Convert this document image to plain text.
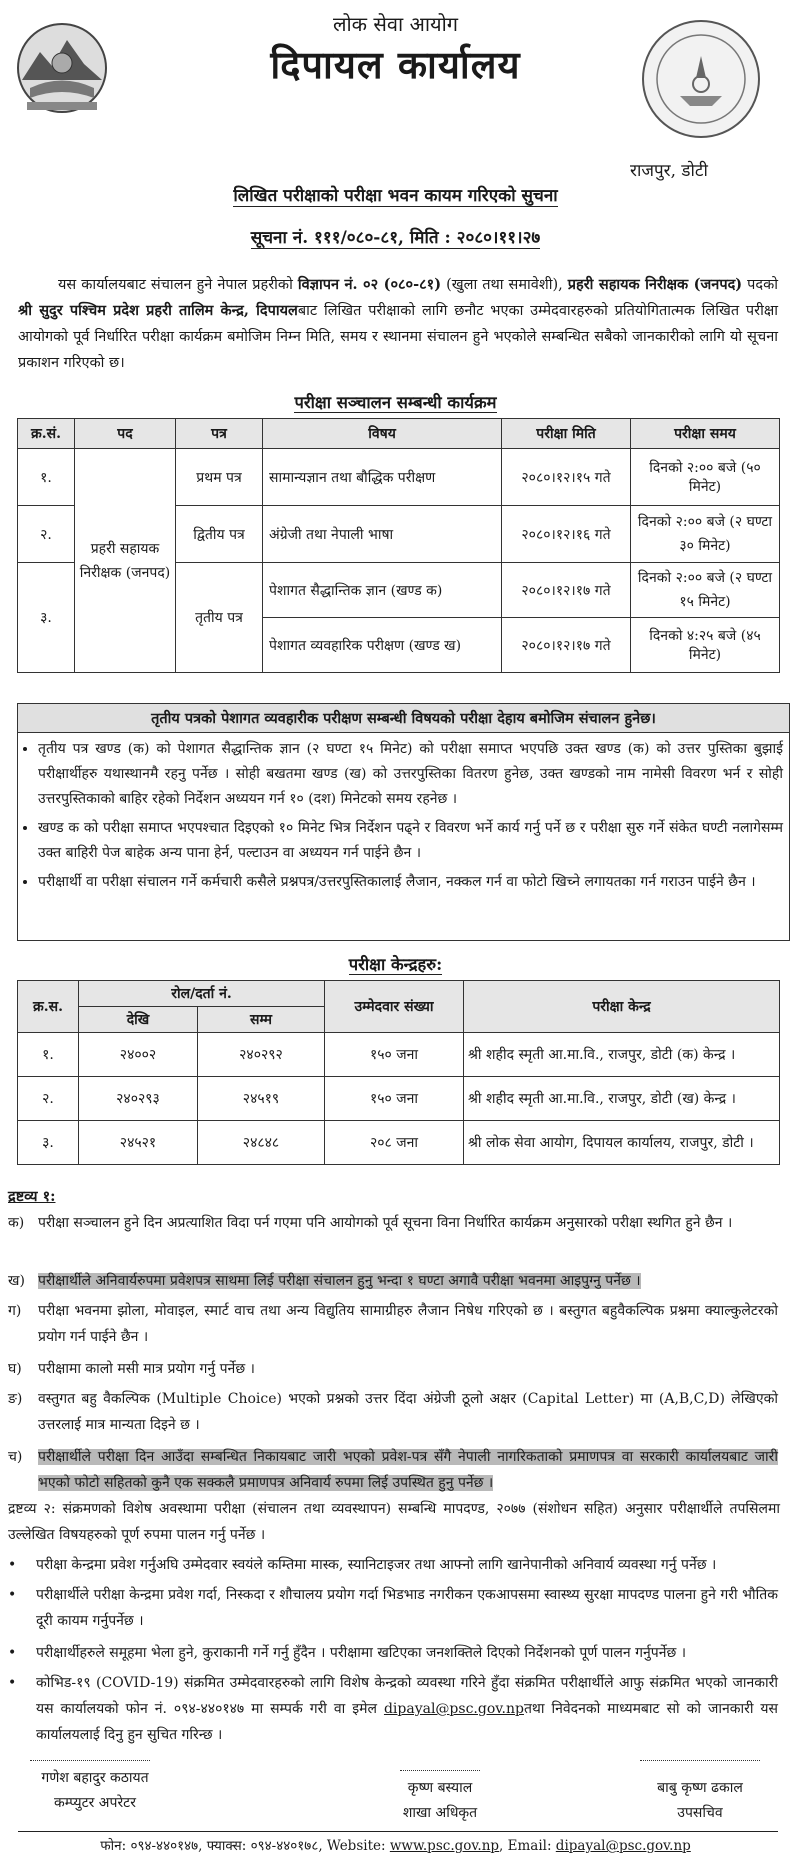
लोक सेवा आयोग
दिपायल कार्यालय
राजपुर, डोटी
लिखित परीक्षाको परीक्षा भवन कायम गरिएको सुचना
सूचना नं. १११/०८०-८१, मिति : २०८०।११।२७
यस कार्यालयबाट संचालन हुने नेपाल प्रहरीको विज्ञापन नं. ०२ (०८०-८१) (खुला तथा समावेशी), प्रहरी सहायक निरीक्षक (जनपद) पदको श्री सुदुर पश्चिम प्रदेश प्रहरी तालिम केन्द्र, दिपायलबाट लिखित परीक्षाको लागि छनौट भएका उम्मेदवारहरुको प्रतियोगितात्मक लिखित परीक्षा आयोगको पूर्व निर्धारित परीक्षा कार्यक्रम बमोजिम निम्न मिति, समय र स्थानमा संचालन हुने भएकोले सम्बन्धित सबैको जानकारीको लागि यो सूचना प्रकाशन गरिएको छ।
परीक्षा सञ्चालन सम्बन्धी कार्यक्रम
क्र.सं.	पद	पत्र	विषय	परीक्षा मिति	परीक्षा समय
१.	प्रहरी सहायक निरीक्षक (जनपद)	प्रथम पत्र	सामान्यज्ञान तथा बौद्धिक परीक्षण	२०८०।१२।१५ गते	दिनको २:०० बजे (५० मिनेट)
२.		द्वितीय पत्र	अंग्रेजी तथा नेपाली भाषा	२०८०।१२।१६ गते	दिनको २:०० बजे (२ घण्टा ३० मिनेट)
३.		तृतीय पत्र	पेशागत सैद्धान्तिक ज्ञान (खण्ड क)	२०८०।१२।१७ गते	दिनको २:०० बजे (२ घण्टा १५ मिनेट)
			पेशागत व्यवहारिक परीक्षण (खण्ड ख)	२०८०।१२।१७ गते	दिनको ४:२५ बजे (४५ मिनेट)
तृतीय पत्रको पेशागत व्यवहारीक परीक्षण सम्बन्धी विषयको परीक्षा देहाय बमोजिम संचालन हुनेछ।
• तृतीय पत्र खण्ड (क) को पेशागत सैद्धान्तिक ज्ञान (२ घण्टा १५ मिनेट) को परीक्षा समाप्त भएपछि उक्त खण्ड (क) को उत्तर पुस्तिका बुझाई परीक्षार्थीहरु यथास्थानमै रहनु पर्नेछ । सोही बखतमा खण्ड (ख) को उत्तरपुस्तिका वितरण हुनेछ, उक्त खण्डको नाम नामेसी विवरण भर्न र सोही उत्तरपुस्तिकाको बाहिर रहेको निर्देशन अध्ययन गर्न १० (दश) मिनेटको समय रहनेछ ।
• खण्ड क को परीक्षा समाप्त भएपश्चात दिइएको १० मिनेट भित्र निर्देशन पढ्ने र विवरण भर्ने कार्य गर्नु पर्ने छ र परीक्षा सुरु गर्ने संकेत घण्टी नलागेसम्म उक्त बाहिरी पेज बाहेक अन्य पाना हेर्न, पल्टाउन वा अध्ययन गर्न पाईने छैन ।
• परीक्षार्थी वा परीक्षा संचालन गर्ने कर्मचारी कसैले प्रश्नपत्र/उत्तरपुस्तिकालाई लैजान, नक्कल गर्न वा फोटो खिच्ने लगायतका गर्न गराउन पाईने छैन ।
परीक्षा केन्द्रहरु:
क्र.स.	रोल/दर्ता नं.		उम्मेदवार संख्या	परीक्षा केन्द्र
	देखि	सम्म		
१.	२४००२	२४०२९२	१५० जना	श्री शहीद स्मृती आ.मा.वि., राजपुर, डोटी (क) केन्द्र ।
२.	२४०२९३	२४५१९	१५० जना	श्री शहीद स्मृती आ.मा.वि., राजपुर, डोटी (ख) केन्द्र ।
३.	२४५२१	२४८४८	२०८ जना	श्री लोक सेवा आयोग, दिपायल कार्यालय, राजपुर, डोटी ।
द्रष्टव्य १:
क) परीक्षा सञ्चालन हुने दिन अप्रत्याशित विदा पर्न गएमा पनि आयोगको पूर्व सूचना विना निर्धारित कार्यक्रम अनुसारको परीक्षा स्थगित हुने छैन ।
ख) परीक्षार्थीले अनिवार्यरुपमा प्रवेशपत्र साथमा लिई परीक्षा संचालन हुनु भन्दा १ घण्टा अगावै परीक्षा भवनमा आइपुग्नु पर्नेछ ।
ग) परीक्षा भवनमा झोला, मोवाइल, स्मार्ट वाच तथा अन्य विद्युतिय सामाग्रीहरु लैजान निषेध गरिएको छ । बस्तुगत बहुवैकल्पिक प्रश्नमा क्याल्कुलेटरको प्रयोग गर्न पाईने छैन ।
घ) परीक्षामा कालो मसी मात्र प्रयोग गर्नु पर्नेछ ।
ङ) वस्तुगत बहु वैकल्पिक (Multiple Choice) भएको प्रश्नको उत्तर दिंदा अंग्रेजी ठूलो अक्षर (Capital Letter) मा (A,B,C,D) लेखिएको उत्तरलाई मात्र मान्यता दिइने छ ।
च) परीक्षार्थीले परीक्षा दिन आउँदा सम्बन्धित निकायबाट जारी भएको प्रवेश-पत्र सँगै नेपाली नागरिकताको प्रमाणपत्र वा सरकारी कार्यालयबाट जारी भएको फोटो सहितको कुनै एक सक्कलै प्रमाणपत्र अनिवार्य रुपमा लिई उपस्थित हुनु पर्नेछ ।
द्रष्टव्य २: संक्रमणको विशेष अवस्थामा परीक्षा (संचालन तथा व्यवस्थापन) सम्बन्धि मापदण्ड, २०७७ (संशोधन सहित) अनुसार परीक्षार्थीले तपसिलमा उल्लेखित विषयहरुको पूर्ण रुपमा पालन गर्नु पर्नेछ ।
• परीक्षा केन्द्रमा प्रवेश गर्नुअघि उम्मेदवार स्वयंले कम्तिमा मास्क, स्यानिटाइजर तथा आफ्नो लागि खानेपानीको अनिवार्य व्यवस्था गर्नु पर्नेछ ।
• परीक्षार्थीले परीक्षा केन्द्रमा प्रवेश गर्दा, निस्कदा र शौचालय प्रयोग गर्दा भिडभाड नगरीकन एकआपसमा स्वास्थ्य सुरक्षा मापदण्ड पालना हुने गरी भौतिक दूरी कायम गर्नुपर्नेछ ।
• परीक्षार्थीहरुले समूहमा भेला हुने, कुराकानी गर्ने गर्नु हुँदैन । परीक्षामा खटिएका जनशक्तिले दिएको निर्देशनको पूर्ण पालन गर्नुपर्नेछ ।
• कोभिड-१९ (COVID-19) संक्रमित उम्मेदवारहरुको लागि विशेष केन्द्रको व्यवस्था गरिने हुँदा संक्रमित परीक्षार्थीले आफु संक्रमित भएको जानकारी यस कार्यालयको फोन नं. ०९४-४४०१४७ मा सम्पर्क गरी वा इमेल dipayal@psc.gov.npतथा निवेदनको माध्यमबाट सो को जानकारी यस कार्यालयलाई दिनु हुन सुचित गरिन्छ ।
गणेश बहादुर कठायत
कम्प्युटर अपरेटर
कृष्ण बस्याल
शाखा अधिकृत
बाबु कृष्ण ढकाल
उपसचिव
फोन: ०९४-४४०१४७, फ्याक्स: ०९४-४४०१७८, Website: www.psc.gov.np, Email: dipayal@psc.gov.np
